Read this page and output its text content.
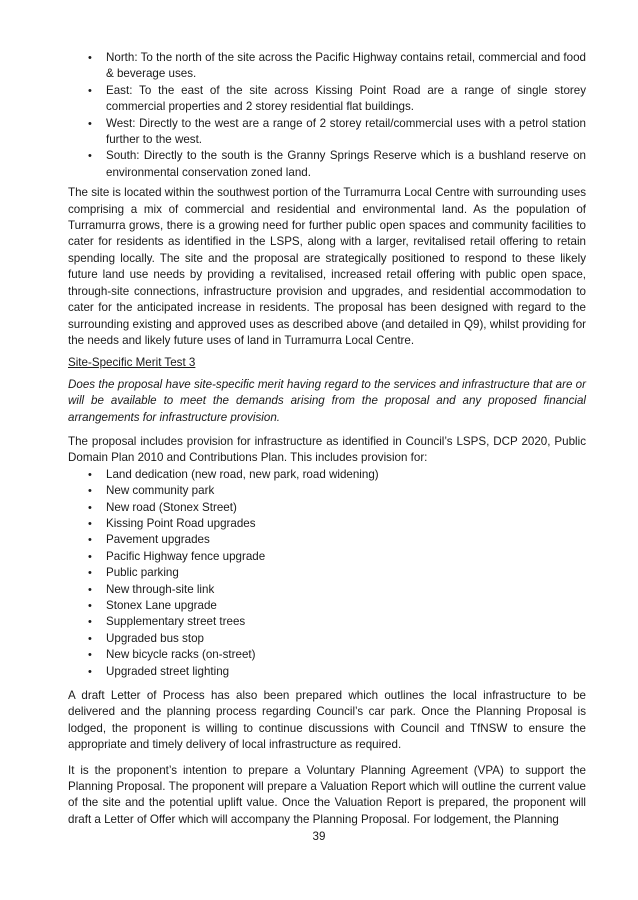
• North: To the north of the site across the Pacific Highway contains retail, commercial and food & beverage uses.
• East: To the east of the site across Kissing Point Road are a range of single storey commercial properties and 2 storey residential flat buildings.
• West: Directly to the west are a range of 2 storey retail/commercial uses with a petrol station further to the west.
• South: Directly to the south is the Granny Springs Reserve which is a bushland reserve on environmental conservation zoned land.

The site is located within the southwest portion of the Turramurra Local Centre with surrounding uses comprising a mix of commercial and residential and environmental land. As the population of Turramurra grows, there is a growing need for further public open spaces and community facilities to cater for residents as identified in the LSPS, along with a larger, revitalised retail offering to retain spending locally. The site and the proposal are strategically positioned to respond to these likely future land use needs by providing a revitalised, increased retail offering with public open space, through-site connections, infrastructure provision and upgrades, and residential accommodation to cater for the anticipated increase in residents. The proposal has been designed with regard to the surrounding existing and approved uses as described above (and detailed in Q9), whilst providing for the needs and likely future uses of land in Turramurra Local Centre.

Site-Specific Merit Test 3

Does the proposal have site-specific merit having regard to the services and infrastructure that are or will be available to meet the demands arising from the proposal and any proposed financial arrangements for infrastructure provision.

The proposal includes provision for infrastructure as identified in Council’s LSPS, DCP 2020, Public Domain Plan 2010 and Contributions Plan. This includes provision for:

• Land dedication (new road, new park, road widening)
• New community park
• New road (Stonex Street)
• Kissing Point Road upgrades
• Pavement upgrades
• Pacific Highway fence upgrade
• Public parking
• New through-site link
• Stonex Lane upgrade
• Supplementary street trees
• Upgraded bus stop
• New bicycle racks (on-street)
• Upgraded street lighting

A draft Letter of Process has also been prepared which outlines the local infrastructure to be delivered and the planning process regarding Council’s car park. Once the Planning Proposal is lodged, the proponent is willing to continue discussions with Council and TfNSW to ensure the appropriate and timely delivery of local infrastructure as required.

It is the proponent’s intention to prepare a Voluntary Planning Agreement (VPA) to support the Planning Proposal. The proponent will prepare a Valuation Report which will outline the current value of the site and the potential uplift value. Once the Valuation Report is prepared, the proponent will draft a Letter of Offer which will accompany the Planning Proposal. For lodgement, the Planning

39
